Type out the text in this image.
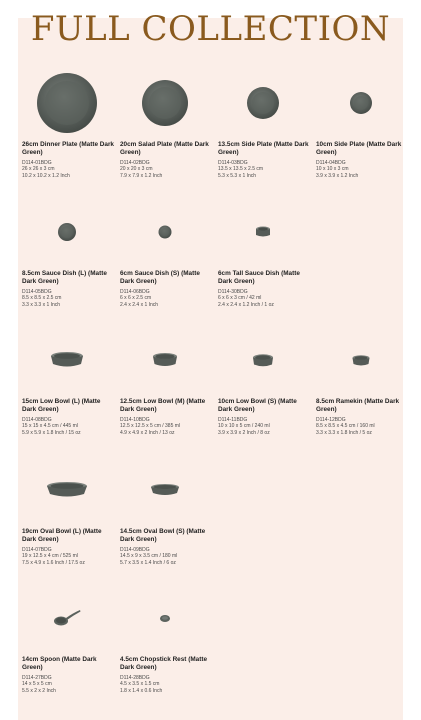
FULL COLLECTION
26cm Dinner Plate (Matte Dark Green)
D114-01BDG
26 x 26 x 3 cm
10.2 x 10.2 x 1.2 Inch
20cm Salad Plate (Matte Dark Green)
D114-02BDG
20 x 20 x 3 cm
7.9 x 7.9 x 1.2 Inch
13.5cm Side Plate (Matte Dark Green)
D114-03BDG
13.5 x 13.5 x 2.5 cm
5.3 x 5.3 x 1 Inch
10cm Side Plate (Matte Dark Green)
D114-04BDG
10 x 10 x 3 cm
3.9 x 3.9 x 1.2 Inch
8.5cm Sauce Dish (L) (Matte Dark Green)
D114-05BDG
8.5 x 8.5 x 2.5 cm
3.3 x 3.3 x 1 Inch
6cm Sauce Dish (S) (Matte Dark Green)
D114-06BDG
6 x 6 x 2.5 cm
2.4 x 2.4 x 1 Inch
6cm Tall Sauce Dish (Matte Dark Green)
D114-30BDG
6 x 6 x 3 cm / 42 ml
2.4 x 2.4 x 1.2 Inch / 1 oz
15cm Low Bowl (L) (Matte Dark Green)
D114-08BDG
15 x 15 x 4.5 cm / 445 ml
5.9 x 5.9 x 1.8 Inch / 15 oz
12.5cm Low Bowl (M) (Matte Dark Green)
D114-10BDG
12.5 x 12.5 x 5 cm / 385 ml
4.9 x 4.9 x 2 Inch / 13 oz
10cm Low Bowl (S) (Matte Dark Green)
D114-11BDG
10 x 10 x 5 cm / 240 ml
3.9 x 3.9 x 2 Inch / 8 oz
8.5cm Ramekin (Matte Dark Green)
D114-12BDG
8.5 x 8.5 x 4.5 cm / 160 ml
3.3 x 3.3 x 1.8 Inch / 5 oz
19cm Oval Bowl (L) (Matte Dark Green)
D114-07BDG
19 x 12.5 x 4 cm / 525 ml
7.5 x 4.9 x 1.6 Inch / 17.5 oz
14.5cm Oval Bowl (S) (Matte Dark Green)
D114-09BDG
14.5 x 9 x 3.5 cm / 180 ml
5.7 x 3.5 x 1.4 Inch / 6 oz
14cm Spoon (Matte Dark Green)
D114-27BDG
14 x 5 x 5 cm
5.5 x 2 x 2 Inch
4.5cm Chopstick Rest (Matte Dark Green)
D114-28BDG
4.5 x 3.5 x 1.5 cm
1.8 x 1.4 x 0.6 Inch
